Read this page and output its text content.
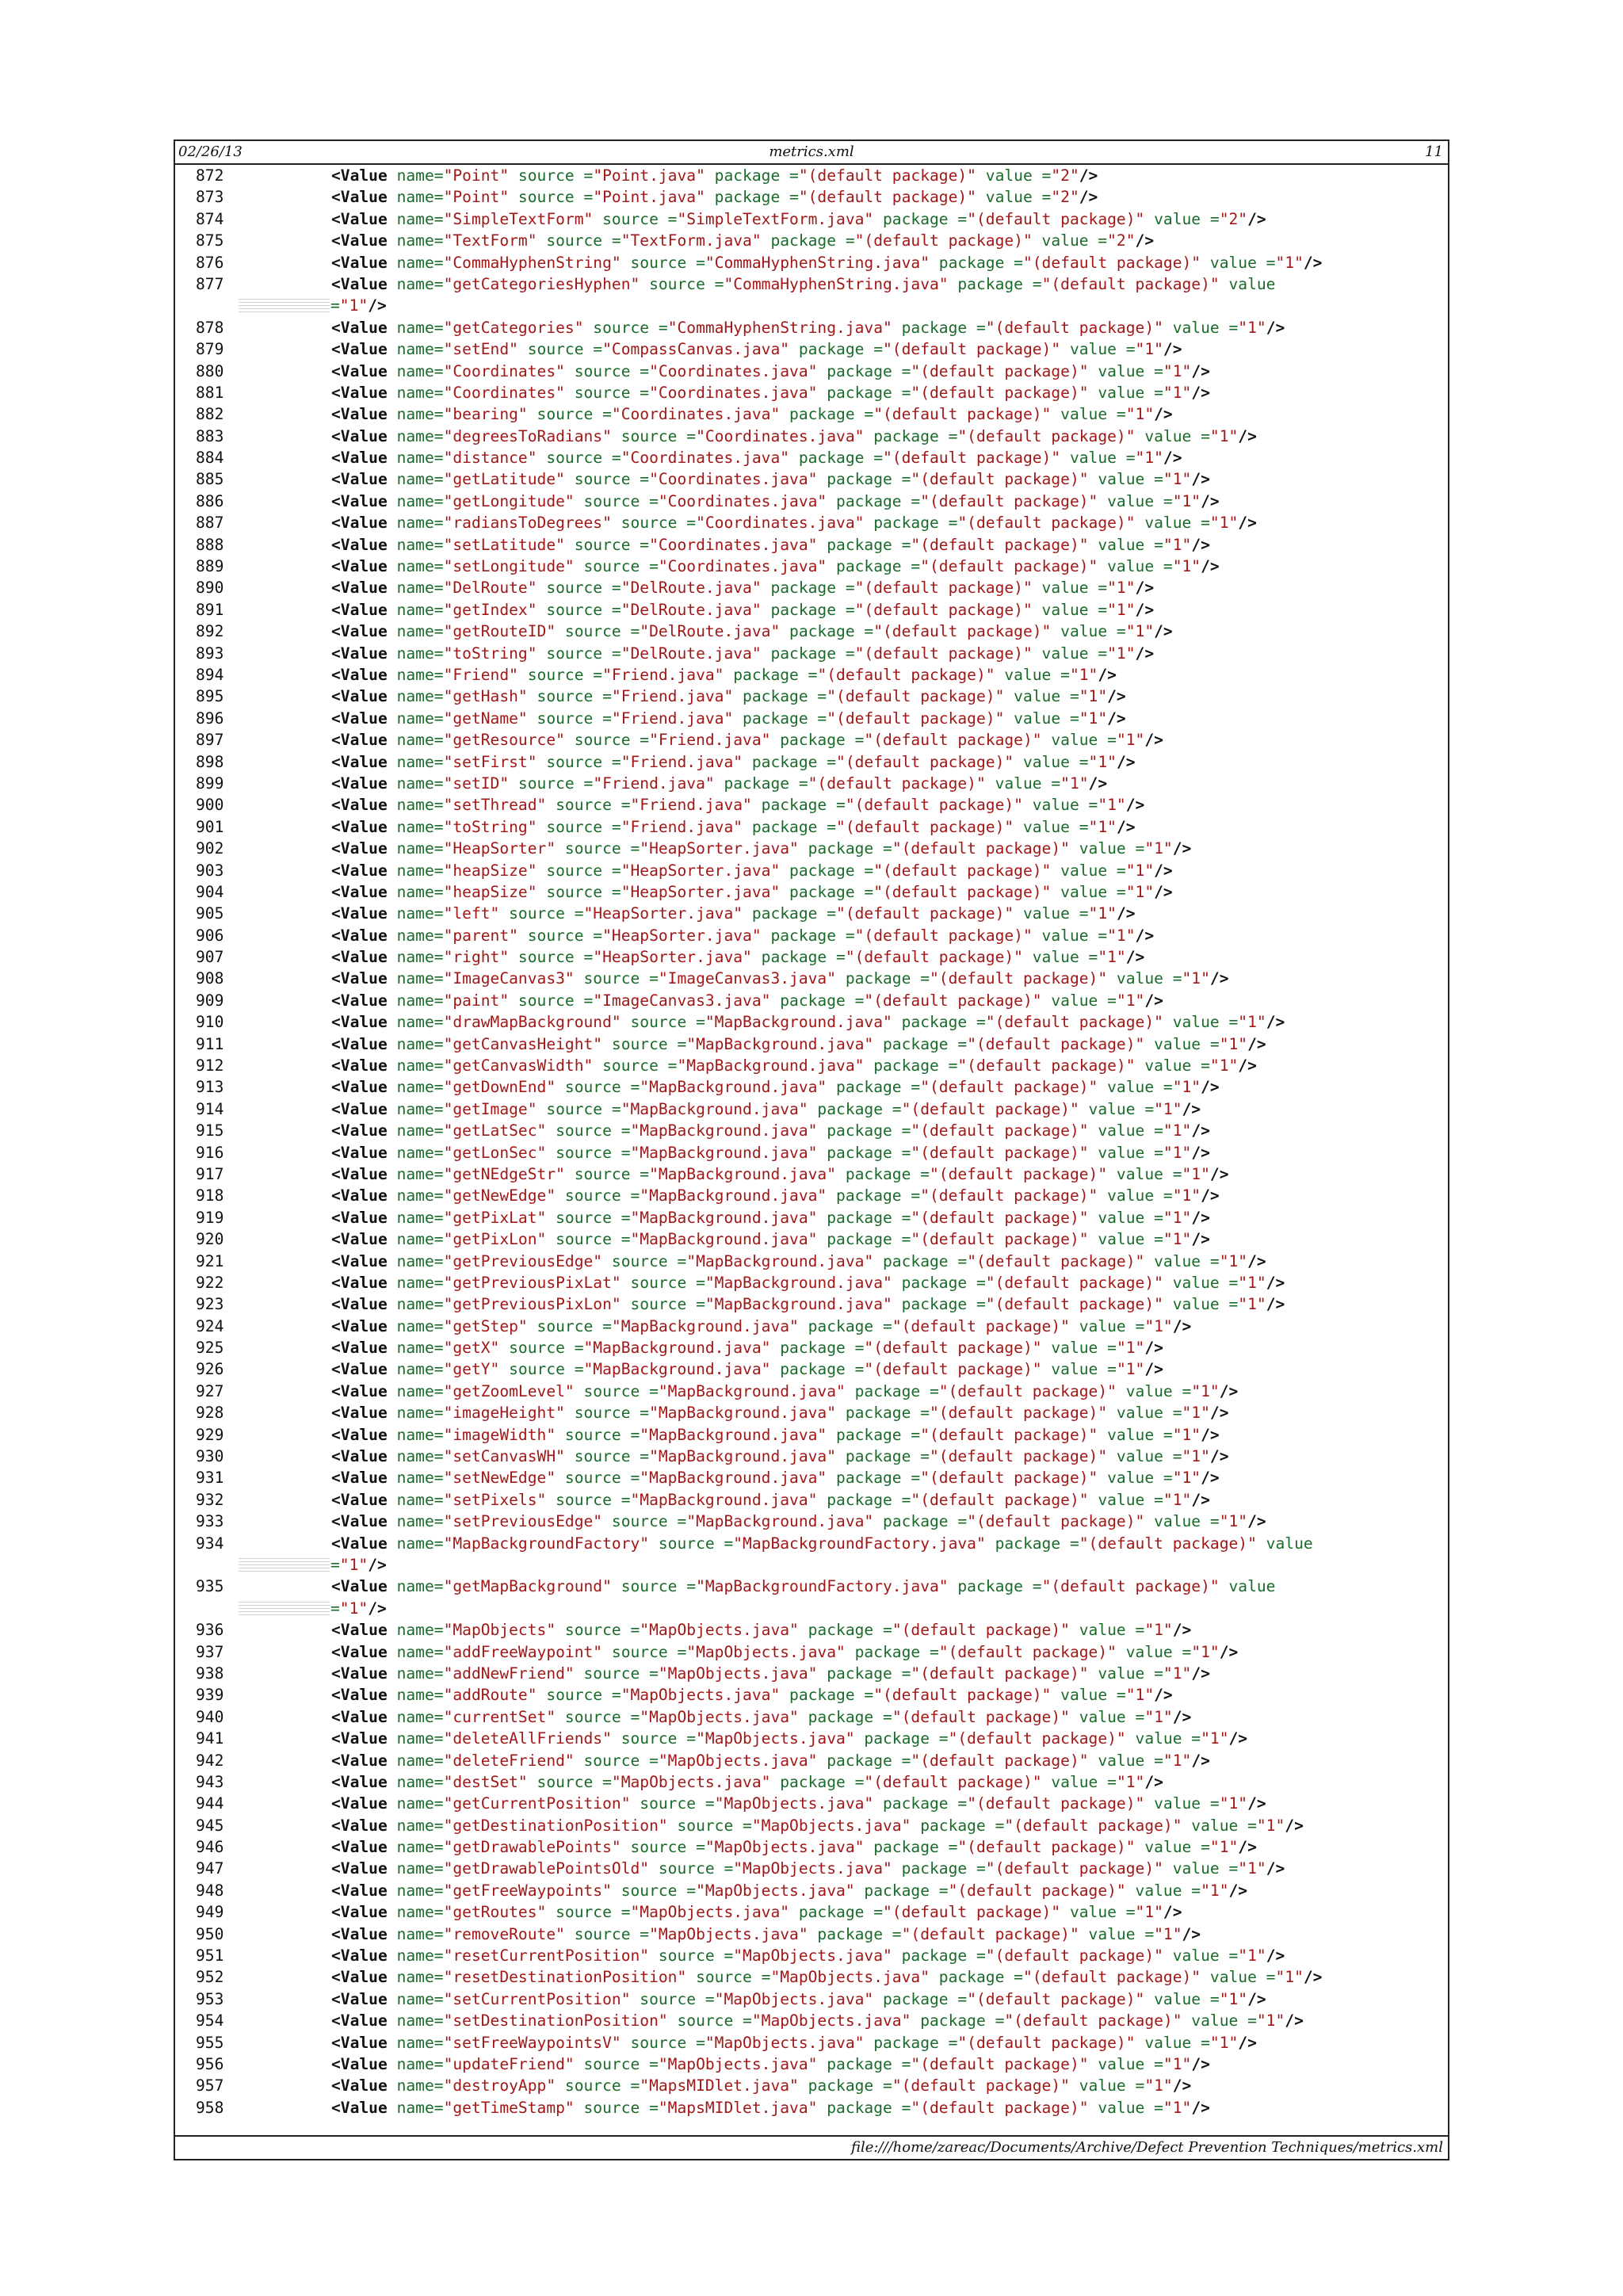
02/26/13	metrics.xml	11
872	<Value name="Point" source ="Point.java" package ="(default package)" value ="2"/>
873	<Value name="Point" source ="Point.java" package ="(default package)" value ="2"/>
874	<Value name="SimpleTextForm" source ="SimpleTextForm.java" package ="(default package)" value ="2"/>
875	<Value name="TextForm" source ="TextForm.java" package ="(default package)" value ="2"/>
876	<Value name="CommaHyphenString" source ="CommaHyphenString.java" package ="(default package)" value ="1"/>
877	<Value name="getCategoriesHyphen" source ="CommaHyphenString.java" package ="(default package)" value
="1"/>
878	<Value name="getCategories" source ="CommaHyphenString.java" package ="(default package)" value ="1"/>
879	<Value name="setEnd" source ="CompassCanvas.java" package ="(default package)" value ="1"/>
880	<Value name="Coordinates" source ="Coordinates.java" package ="(default package)" value ="1"/>
881	<Value name="Coordinates" source ="Coordinates.java" package ="(default package)" value ="1"/>
882	<Value name="bearing" source ="Coordinates.java" package ="(default package)" value ="1"/>
883	<Value name="degreesToRadians" source ="Coordinates.java" package ="(default package)" value ="1"/>
884	<Value name="distance" source ="Coordinates.java" package ="(default package)" value ="1"/>
885	<Value name="getLatitude" source ="Coordinates.java" package ="(default package)" value ="1"/>
886	<Value name="getLongitude" source ="Coordinates.java" package ="(default package)" value ="1"/>
887	<Value name="radiansToDegrees" source ="Coordinates.java" package ="(default package)" value ="1"/>
888	<Value name="setLatitude" source ="Coordinates.java" package ="(default package)" value ="1"/>
889	<Value name="setLongitude" source ="Coordinates.java" package ="(default package)" value ="1"/>
890	<Value name="DelRoute" source ="DelRoute.java" package ="(default package)" value ="1"/>
891	<Value name="getIndex" source ="DelRoute.java" package ="(default package)" value ="1"/>
892	<Value name="getRouteID" source ="DelRoute.java" package ="(default package)" value ="1"/>
893	<Value name="toString" source ="DelRoute.java" package ="(default package)" value ="1"/>
894	<Value name="Friend" source ="Friend.java" package ="(default package)" value ="1"/>
895	<Value name="getHash" source ="Friend.java" package ="(default package)" value ="1"/>
896	<Value name="getName" source ="Friend.java" package ="(default package)" value ="1"/>
897	<Value name="getResource" source ="Friend.java" package ="(default package)" value ="1"/>
898	<Value name="setFirst" source ="Friend.java" package ="(default package)" value ="1"/>
899	<Value name="setID" source ="Friend.java" package ="(default package)" value ="1"/>
900	<Value name="setThread" source ="Friend.java" package ="(default package)" value ="1"/>
901	<Value name="toString" source ="Friend.java" package ="(default package)" value ="1"/>
902	<Value name="HeapSorter" source ="HeapSorter.java" package ="(default package)" value ="1"/>
903	<Value name="heapSize" source ="HeapSorter.java" package ="(default package)" value ="1"/>
904	<Value name="heapSize" source ="HeapSorter.java" package ="(default package)" value ="1"/>
905	<Value name="left" source ="HeapSorter.java" package ="(default package)" value ="1"/>
906	<Value name="parent" source ="HeapSorter.java" package ="(default package)" value ="1"/>
907	<Value name="right" source ="HeapSorter.java" package ="(default package)" value ="1"/>
908	<Value name="ImageCanvas3" source ="ImageCanvas3.java" package ="(default package)" value ="1"/>
909	<Value name="paint" source ="ImageCanvas3.java" package ="(default package)" value ="1"/>
910	<Value name="drawMapBackground" source ="MapBackground.java" package ="(default package)" value ="1"/>
911	<Value name="getCanvasHeight" source ="MapBackground.java" package ="(default package)" value ="1"/>
912	<Value name="getCanvasWidth" source ="MapBackground.java" package ="(default package)" value ="1"/>
913	<Value name="getDownEnd" source ="MapBackground.java" package ="(default package)" value ="1"/>
914	<Value name="getImage" source ="MapBackground.java" package ="(default package)" value ="1"/>
915	<Value name="getLatSec" source ="MapBackground.java" package ="(default package)" value ="1"/>
916	<Value name="getLonSec" source ="MapBackground.java" package ="(default package)" value ="1"/>
917	<Value name="getNEdgeStr" source ="MapBackground.java" package ="(default package)" value ="1"/>
918	<Value name="getNewEdge" source ="MapBackground.java" package ="(default package)" value ="1"/>
919	<Value name="getPixLat" source ="MapBackground.java" package ="(default package)" value ="1"/>
920	<Value name="getPixLon" source ="MapBackground.java" package ="(default package)" value ="1"/>
921	<Value name="getPreviousEdge" source ="MapBackground.java" package ="(default package)" value ="1"/>
922	<Value name="getPreviousPixLat" source ="MapBackground.java" package ="(default package)" value ="1"/>
923	<Value name="getPreviousPixLon" source ="MapBackground.java" package ="(default package)" value ="1"/>
924	<Value name="getStep" source ="MapBackground.java" package ="(default package)" value ="1"/>
925	<Value name="getX" source ="MapBackground.java" package ="(default package)" value ="1"/>
926	<Value name="getY" source ="MapBackground.java" package ="(default package)" value ="1"/>
927	<Value name="getZoomLevel" source ="MapBackground.java" package ="(default package)" value ="1"/>
928	<Value name="imageHeight" source ="MapBackground.java" package ="(default package)" value ="1"/>
929	<Value name="imageWidth" source ="MapBackground.java" package ="(default package)" value ="1"/>
930	<Value name="setCanvasWH" source ="MapBackground.java" package ="(default package)" value ="1"/>
931	<Value name="setNewEdge" source ="MapBackground.java" package ="(default package)" value ="1"/>
932	<Value name="setPixels" source ="MapBackground.java" package ="(default package)" value ="1"/>
933	<Value name="setPreviousEdge" source ="MapBackground.java" package ="(default package)" value ="1"/>
934	<Value name="MapBackgroundFactory" source ="MapBackgroundFactory.java" package ="(default package)" value
="1"/>
935	<Value name="getMapBackground" source ="MapBackgroundFactory.java" package ="(default package)" value
="1"/>
936	<Value name="MapObjects" source ="MapObjects.java" package ="(default package)" value ="1"/>
937	<Value name="addFreeWaypoint" source ="MapObjects.java" package ="(default package)" value ="1"/>
938	<Value name="addNewFriend" source ="MapObjects.java" package ="(default package)" value ="1"/>
939	<Value name="addRoute" source ="MapObjects.java" package ="(default package)" value ="1"/>
940	<Value name="currentSet" source ="MapObjects.java" package ="(default package)" value ="1"/>
941	<Value name="deleteAllFriends" source ="MapObjects.java" package ="(default package)" value ="1"/>
942	<Value name="deleteFriend" source ="MapObjects.java" package ="(default package)" value ="1"/>
943	<Value name="destSet" source ="MapObjects.java" package ="(default package)" value ="1"/>
944	<Value name="getCurrentPosition" source ="MapObjects.java" package ="(default package)" value ="1"/>
945	<Value name="getDestinationPosition" source ="MapObjects.java" package ="(default package)" value ="1"/>
946	<Value name="getDrawablePoints" source ="MapObjects.java" package ="(default package)" value ="1"/>
947	<Value name="getDrawablePointsOld" source ="MapObjects.java" package ="(default package)" value ="1"/>
948	<Value name="getFreeWaypoints" source ="MapObjects.java" package ="(default package)" value ="1"/>
949	<Value name="getRoutes" source ="MapObjects.java" package ="(default package)" value ="1"/>
950	<Value name="removeRoute" source ="MapObjects.java" package ="(default package)" value ="1"/>
951	<Value name="resetCurrentPosition" source ="MapObjects.java" package ="(default package)" value ="1"/>
952	<Value name="resetDestinationPosition" source ="MapObjects.java" package ="(default package)" value ="1"/>
953	<Value name="setCurrentPosition" source ="MapObjects.java" package ="(default package)" value ="1"/>
954	<Value name="setDestinationPosition" source ="MapObjects.java" package ="(default package)" value ="1"/>
955	<Value name="setFreeWaypointsV" source ="MapObjects.java" package ="(default package)" value ="1"/>
956	<Value name="updateFriend" source ="MapObjects.java" package ="(default package)" value ="1"/>
957	<Value name="destroyApp" source ="MapsMIDlet.java" package ="(default package)" value ="1"/>
958	<Value name="getTimeStamp" source ="MapsMIDlet.java" package ="(default package)" value ="1"/>
file:///home/zareac/Documents/Archive/Defect Prevention Techniques/metrics.xml
